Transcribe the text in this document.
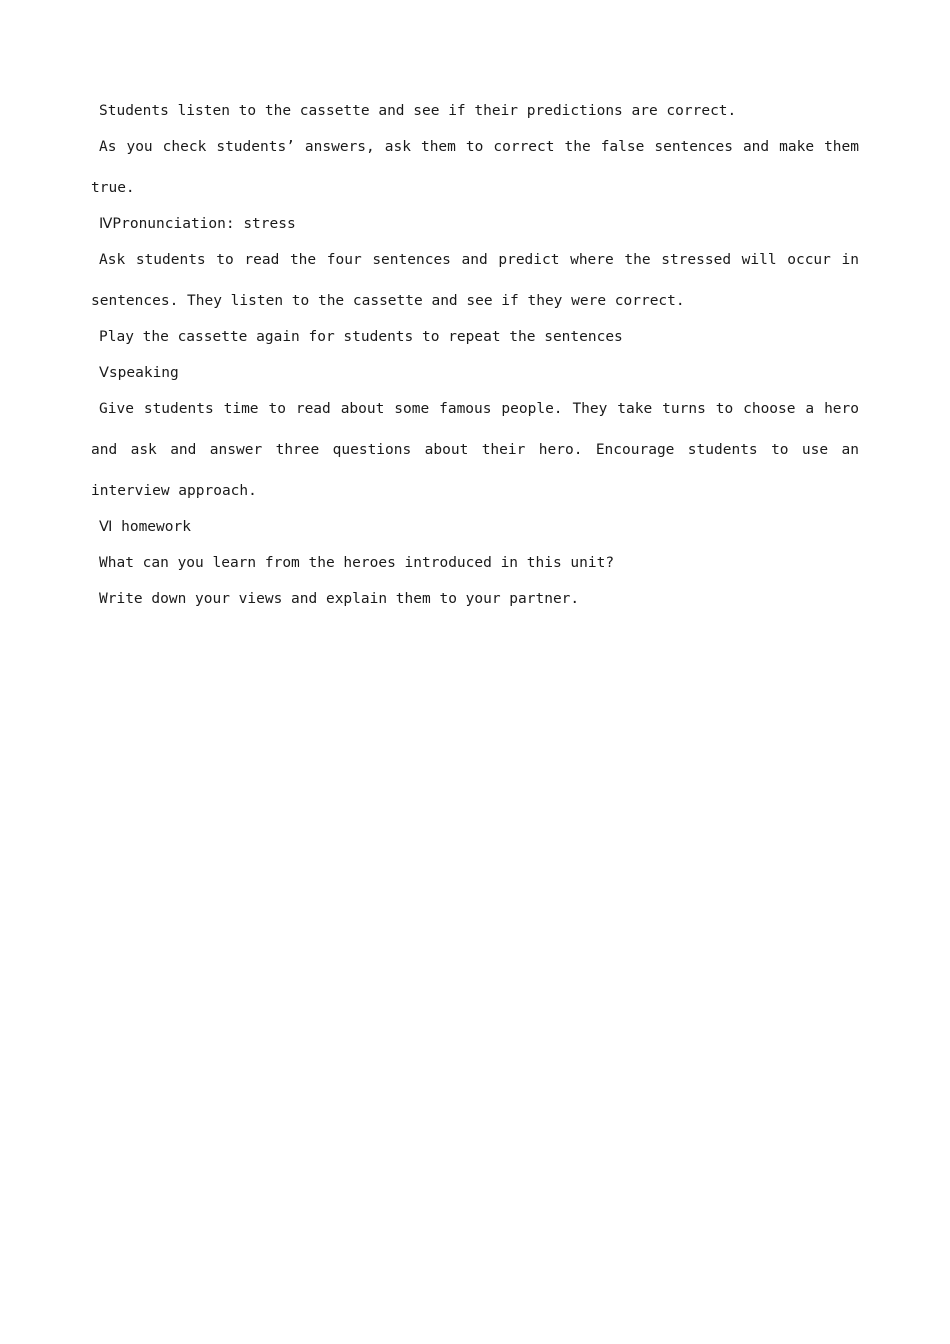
Students listen to the cassette and see if their predictions are correct.

As you check students’ answers, ask them to correct the false sentences and make them true.

ⅣPronunciation: stress

Ask students to read the four sentences and predict where the stressed will occur in sentences. They listen to the cassette and see if they were correct.

Play the cassette again for students to repeat the sentences

Ⅴspeaking

Give students time to read about some famous people. They take turns to choose a hero and ask and answer three questions about their hero. Encourage students to use an interview approach.

Ⅵ homework

What can you learn from the heroes introduced in this unit?

Write down your views and explain them to your partner.
